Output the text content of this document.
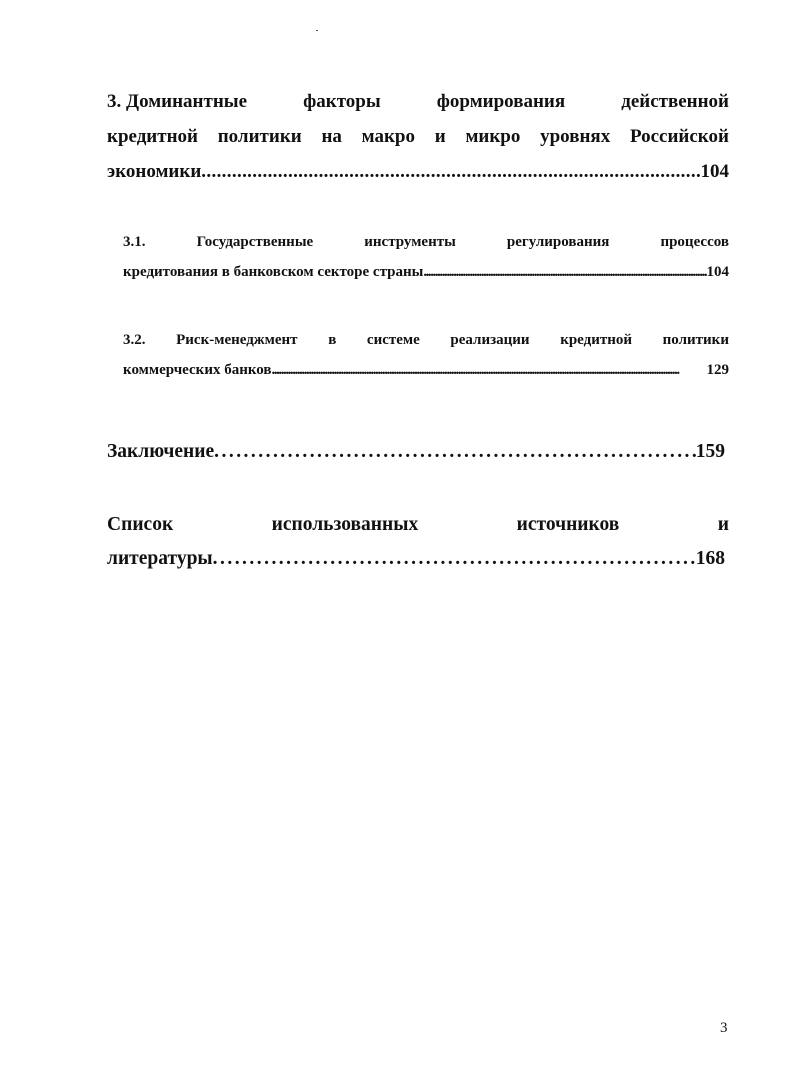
3. Доминантные	факторы	формирования	действенной
кредитной политики на макро и микро уровнях Российской
экономики . . .	104
3.1.	Государственные	инструменты	регулирования	процессов
кредитования в банковском секторе страны . . .	104
3.2. Риск-менеджмент в системе реализации кредитной политики
коммерческих банков . . .	129
Заключение . . .	159
Список	использованных	источников	и
литературы . . .	168
3
